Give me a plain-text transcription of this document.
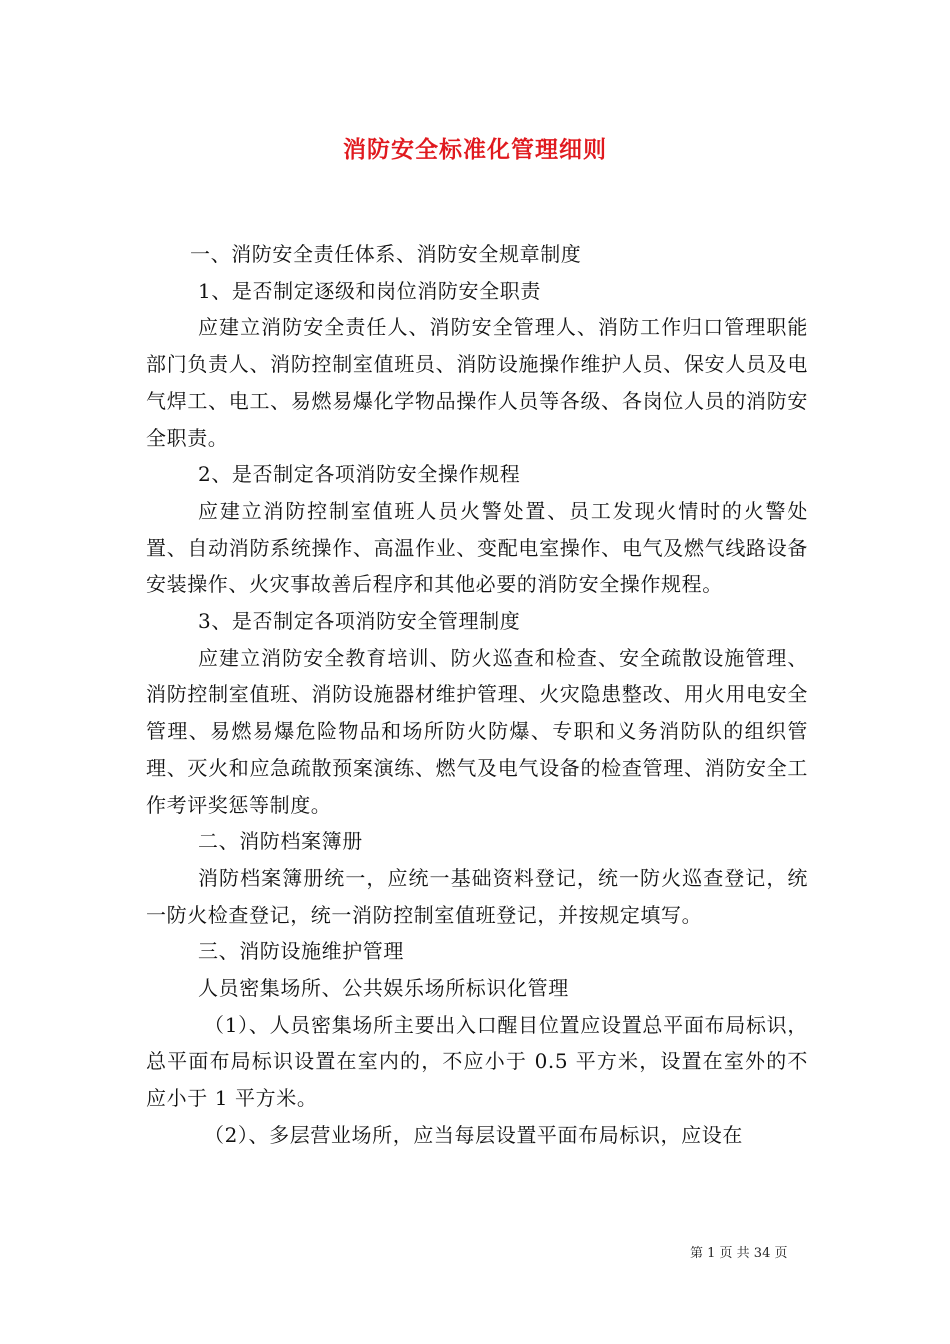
消防安全标准化管理细则

一、消防安全责任体系、消防安全规章制度

1、是否制定逐级和岗位消防安全职责

应建立消防安全责任人、消防安全管理人、消防工作归口管理职能部门负责人、消防控制室值班员、消防设施操作维护人员、保安人员及电气焊工、电工、易燃易爆化学物品操作人员等各级、各岗位人员的消防安全职责。

2、是否制定各项消防安全操作规程

应建立消防控制室值班人员火警处置、员工发现火情时的火警处置、自动消防系统操作、高温作业、变配电室操作、电气及燃气线路设备安装操作、火灾事故善后程序和其他必要的消防安全操作规程。

3、是否制定各项消防安全管理制度

应建立消防安全教育培训、防火巡查和检查、安全疏散设施管理、消防控制室值班、消防设施器材维护管理、火灾隐患整改、用火用电安全管理、易燃易爆危险物品和场所防火防爆、专职和义务消防队的组织管理、灭火和应急疏散预案演练、燃气及电气设备的检查管理、消防安全工作考评奖惩等制度。

二、消防档案簿册

消防档案簿册统一，应统一基础资料登记，统一防火巡查登记，统一防火检查登记，统一消防控制室值班登记，并按规定填写。

三、消防设施维护管理

人员密集场所、公共娱乐场所标识化管理

（1）、人员密集场所主要出入口醒目位置应设置总平面布局标识，总平面布局标识设置在室内的，不应小于 0.5 平方米，设置在室外的不应小于 1 平方米。

（2）、多层营业场所，应当每层设置平面布局标识，应设在

第 1 页 共 34 页
